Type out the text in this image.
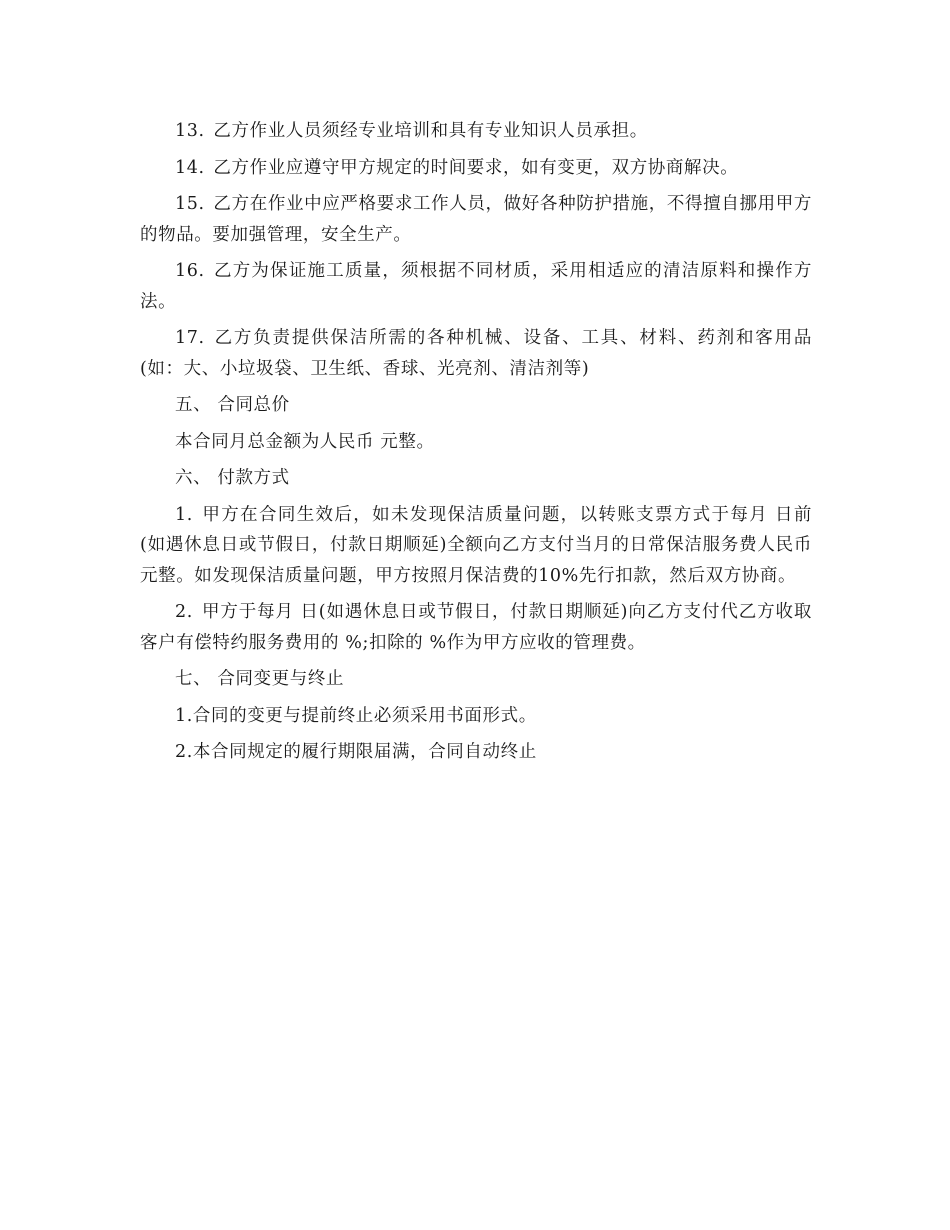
13. 乙方作业人员须经专业培训和具有专业知识人员承担。

14. 乙方作业应遵守甲方规定的时间要求，如有变更，双方协商解决。

15. 乙方在作业中应严格要求工作人员，做好各种防护措施，不得擅自挪用甲方的物品。要加强管理，安全生产。

16. 乙方为保证施工质量，须根据不同材质，采用相适应的清洁原料和操作方法。

17. 乙方负责提供保洁所需的各种机械、设备、工具、材料、药剂和客用品(如：大、小垃圾袋、卫生纸、香球、光亮剂、清洁剂等)

五、 合同总价

本合同月总金额为人民币 元整。

六、 付款方式

1. 甲方在合同生效后，如未发现保洁质量问题，以转账支票方式于每月 日前(如遇休息日或节假日，付款日期顺延)全额向乙方支付当月的日常保洁服务费人民币 元整。如发现保洁质量问题，甲方按照月保洁费的10%先行扣款，然后双方协商。

2. 甲方于每月 日(如遇休息日或节假日，付款日期顺延)向乙方支付代乙方收取客户有偿特约服务费用的 %;扣除的 %作为甲方应收的管理费。

七、 合同变更与终止

1.合同的变更与提前终止必须采用书面形式。

2.本合同规定的履行期限届满，合同自动终止
